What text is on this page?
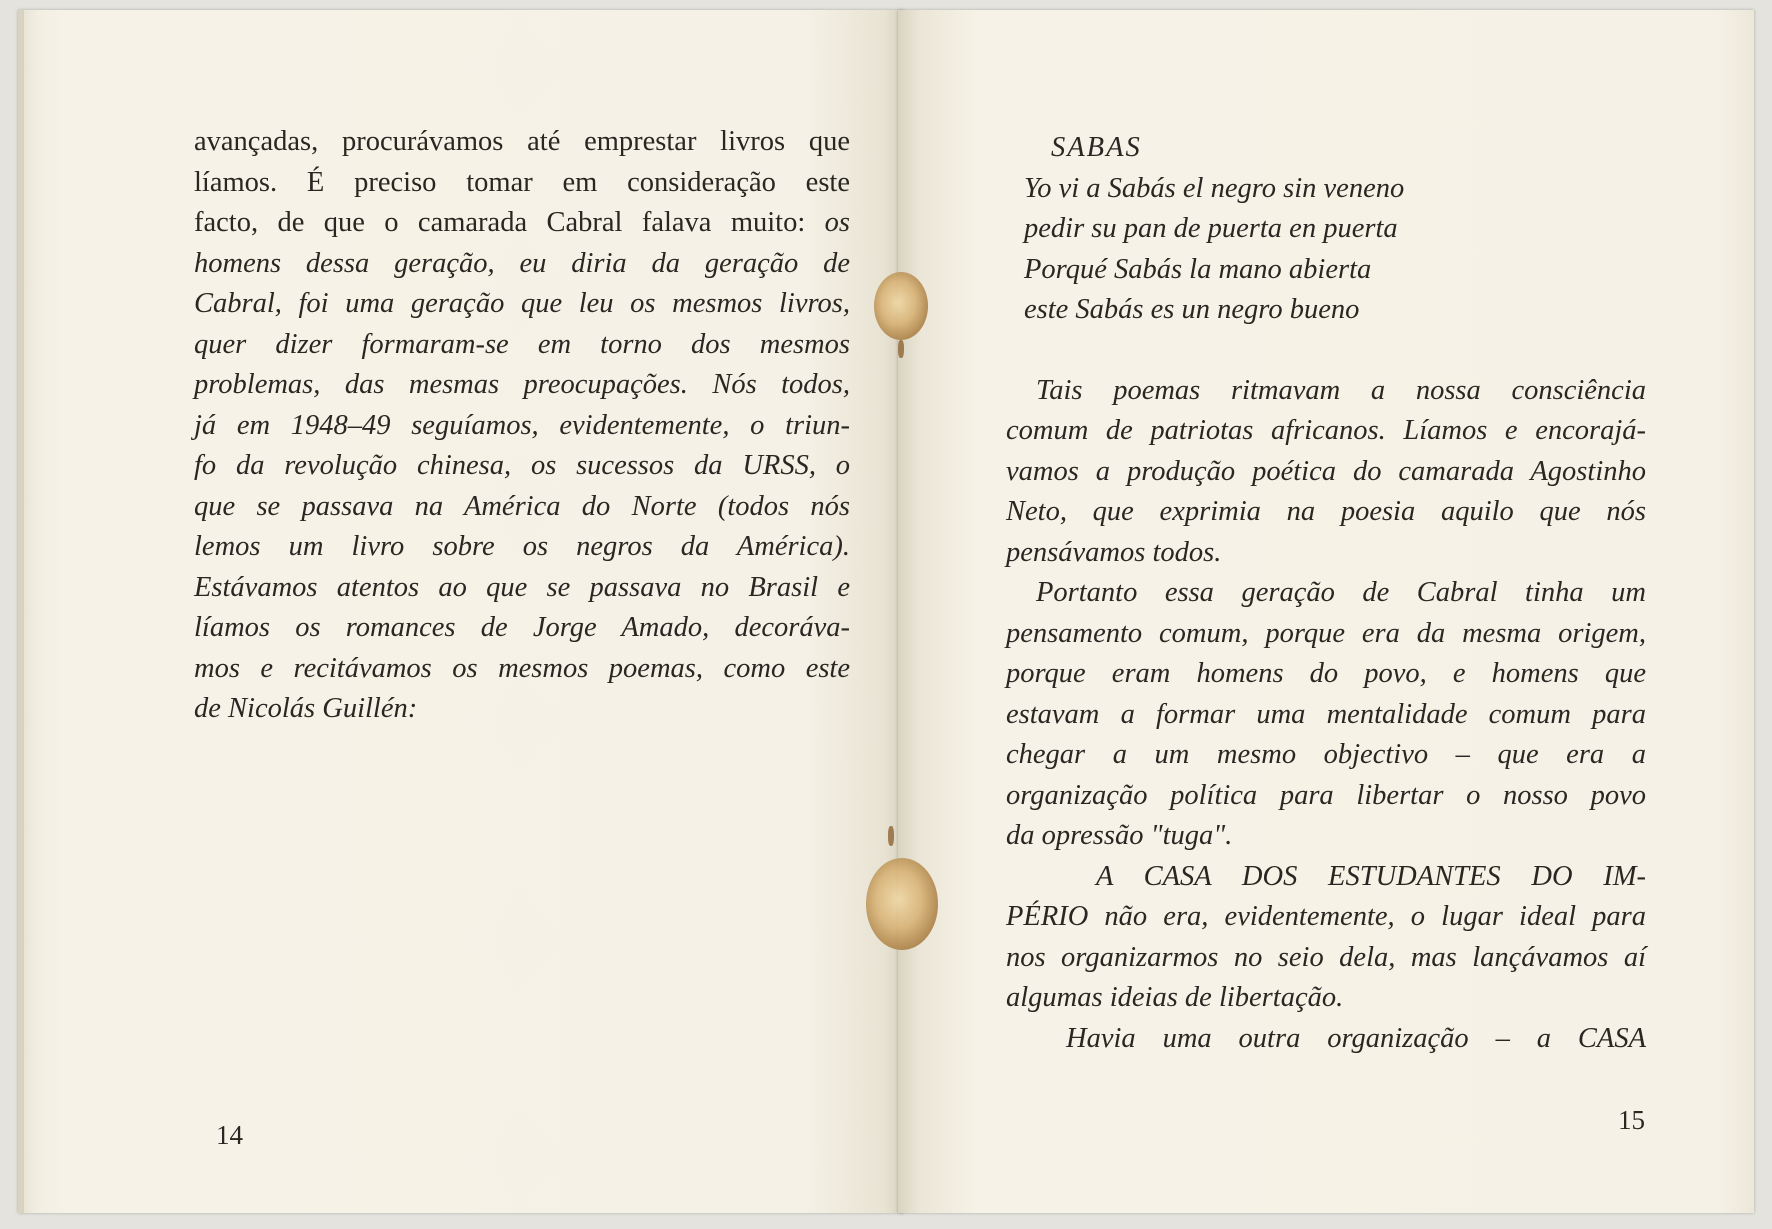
avançadas, procurávamos até emprestar livros que
líamos. É preciso tomar em consideração este
facto, de que o camarada Cabral falava muito: os
homens dessa geração, eu diria da geração de
Cabral, foi uma geração que leu os mesmos livros,
quer dizer formaram-se em torno dos mesmos
problemas, das mesmas preocupações. Nós todos,
já em 1948–49 seguíamos, evidentemente, o triun-
fo da revolução chinesa, os sucessos da URSS, o
que se passava na América do Norte (todos nós
lemos um livro sobre os negros da América).
Estávamos atentos ao que se passava no Brasil e
líamos os romances de Jorge Amado, decoráva-
mos e recitávamos os mesmos poemas, como este
de Nicolás Guillén:
14
SABAS
Yo vi a Sabás el negro sin veneno
pedir su pan de puerta en puerta
Porqué Sabás la mano abierta
este Sabás es un negro bueno
Tais poemas ritmavam a nossa consciência
comum de patriotas africanos. Líamos e encorajá-
vamos a produção poética do camarada Agostinho
Neto, que exprimia na poesia aquilo que nós
pensávamos todos.
Portanto essa geração de Cabral tinha um
pensamento comum, porque era da mesma origem,
porque eram homens do povo, e homens que
estavam a formar uma mentalidade comum para
chegar a um mesmo objectivo – que era a
organização política para libertar o nosso povo
da opressão "tuga".
A CASA DOS ESTUDANTES DO IM-
PÉRIO não era, evidentemente, o lugar ideal para
nos organizarmos no seio dela, mas lançávamos aí
algumas ideias de libertação.
Havia uma outra organização – a CASA
15
